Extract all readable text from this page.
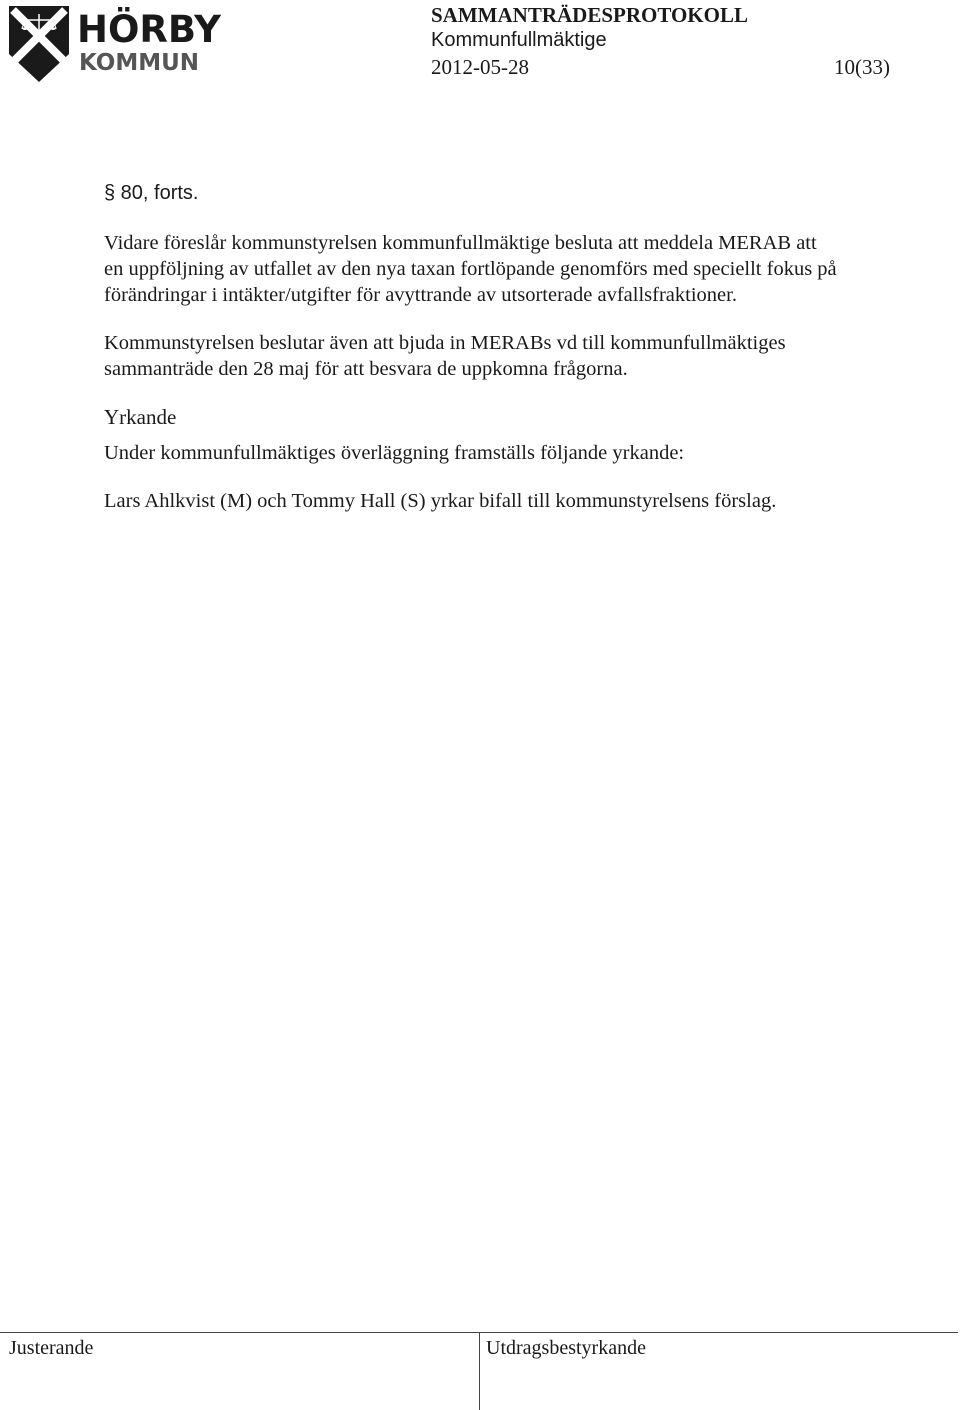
HÖRBY
KOMMUN
SAMMANTRÄDESPROTOKOLL
Kommunfullmäktige
2012-05-28	10(33)
§ 80, forts.

Vidare föreslår kommunstyrelsen kommunfullmäktige besluta att meddela MERAB att
en uppföljning av utfallet av den nya taxan fortlöpande genomförs med speciellt fokus på
förändringar i intäkter/utgifter för avyttrande av utsorterade avfallsfraktioner.

Kommunstyrelsen beslutar även att bjuda in MERABs vd till kommunfullmäktiges
sammanträde den 28 maj för att besvara de uppkomna frågorna.

Yrkande

Under kommunfullmäktiges överläggning framställs följande yrkande:

Lars Ahlkvist (M) och Tommy Hall (S) yrkar bifall till kommunstyrelsens förslag.

Justerande	Utdragsbestyrkande
